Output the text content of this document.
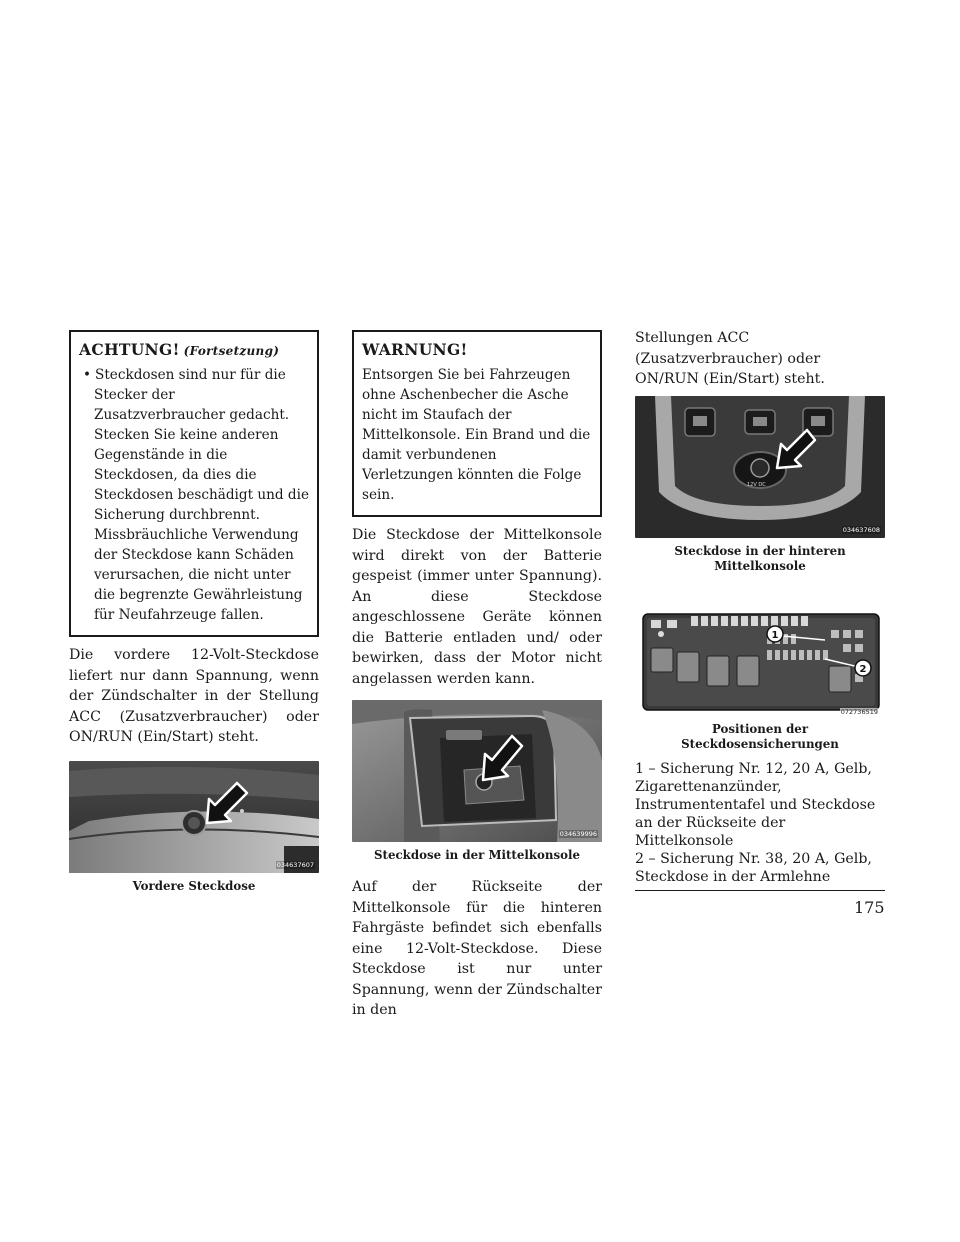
ACHTUNG! (Fortsetzung)
• Steckdosen sind nur für die Stecker der Zusatzverbraucher gedacht. Stecken Sie keine anderen Gegenstände in die Steckdosen, da dies die Steckdosen beschädigt und die Sicherung durchbrennt. Missbräuchliche Verwendung der Steckdose kann Schäden verursachen, die nicht unter die begrenzte Gewährleistung für Neufahrzeuge fallen.

Die vordere 12-Volt-Steckdose liefert nur dann Spannung, wenn der Zündschalter in der Stellung ACC (Zusatzverbraucher) oder ON/RUN (Ein/Start) steht.

034637607
Vordere Steckdose
WARNUNG!

Entsorgen Sie bei Fahrzeugen ohne Aschenbecher die Asche nicht im Staufach der Mittelkonsole. Ein Brand und die damit verbundenen Verletzungen könnten die Folge sein.

Die Steckdose der Mittelkonsole wird direkt von der Batterie gespeist (immer unter Spannung). An diese Steckdose angeschlossene Geräte können die Batterie entladen und/ oder bewirken, dass der Motor nicht angelassen werden kann.

034639996
Steckdose in der Mittelkonsole

Auf der Rückseite der Mittelkonsole für die hinteren Fahrgäste befindet sich ebenfalls eine 12-Volt-Steckdose. Diese Steckdose ist nur unter Spannung, wenn der Zündschalter in den

Stellungen ACC (Zusatzverbraucher) oder ON/RUN (Ein/Start) steht.

12V DC
034637608
Steckdose in der hinteren Mittelkonsole
1
2
072736519
Positionen der Steckdosensicherungen

1 – Sicherung Nr. 12, 20 A, Gelb, Zigarettenanzünder, Instrumententafel und Steckdose an der Rückseite der Mittelkonsole

2 – Sicherung Nr. 38, 20 A, Gelb, Steckdose in der Armlehne

175
